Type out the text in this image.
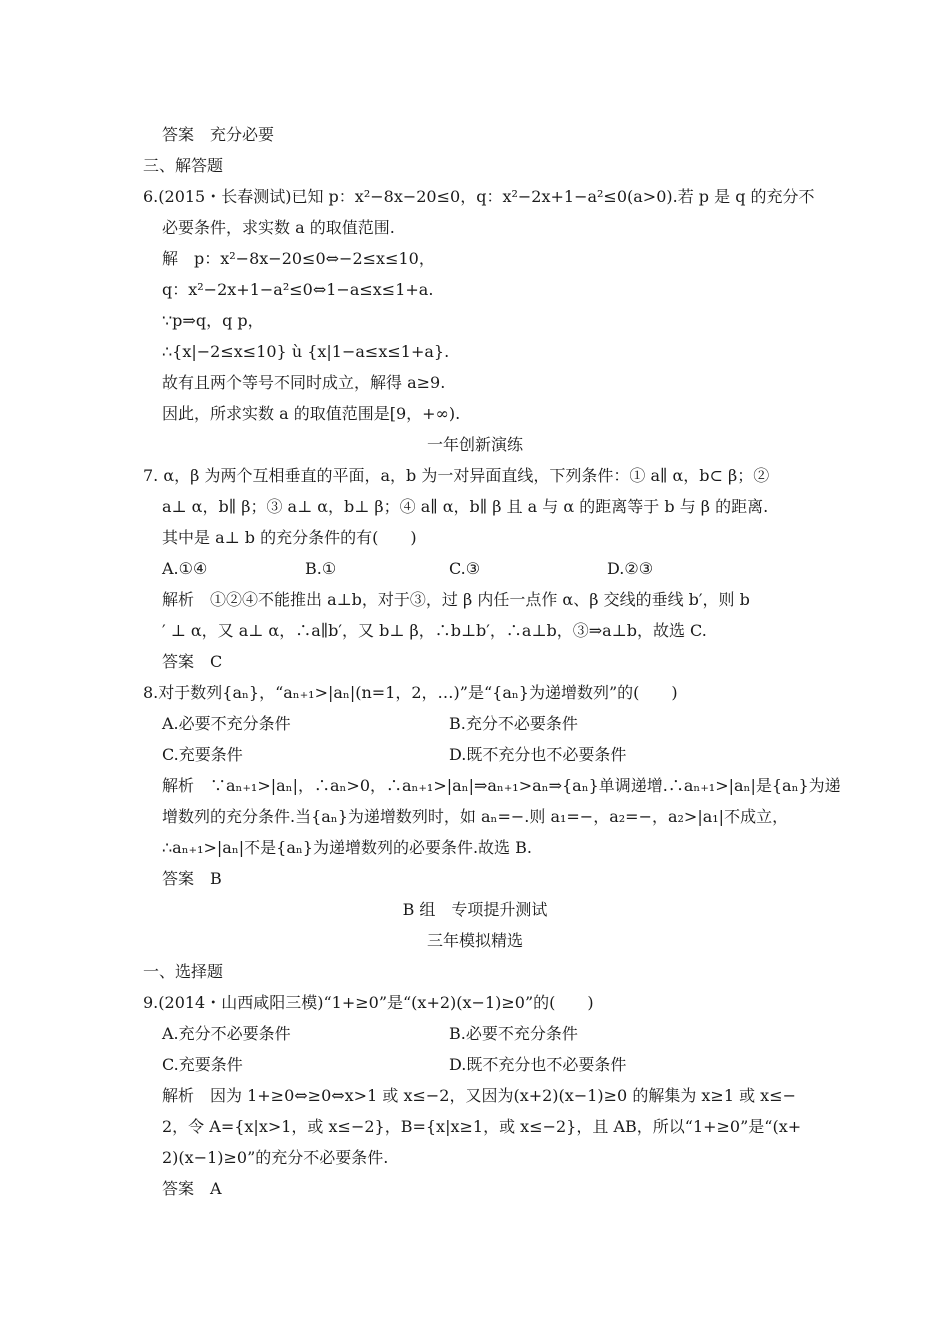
答案　充分必要
三、解答题
6.(2015・长春测试)已知 p：x²−8x−20≤0，q：x²−2x+1−a²≤0(a>0).若 p 是 q 的充分不
必要条件，求实数 a 的取值范围.
解　p：x²−8x−20≤0⇔−2≤x≤10，
q：x²−2x+1−a²≤0⇔1−a≤x≤1+a.
∵p⇒q，q p，
∴{x|−2≤x≤10} ù {x|1−a≤x≤1+a}.
故有且两个等号不同时成立，解得 a≥9.
因此，所求实数 a 的取值范围是[9，+∞).
一年创新演练
7. α，β 为两个互相垂直的平面，a，b 为一对异面直线，下列条件：① a∥ α，b⊂ β；②
a⊥ α，b∥ β；③ a⊥ α，b⊥ β；④ a∥ α，b∥ β 且 a 与 α 的距离等于 b 与 β 的距离.
其中是 a⊥ b 的充分条件的有(　　)
A.①④	B.①	C.③	D.②③
解析　①②④不能推出 a⊥b，对于③，过 β 内任一点作 α、β 交线的垂线 b′，则 b
′ ⊥ α，又 a⊥ α，∴a∥b′，又 b⊥ β，∴b⊥b′，∴a⊥b，③⇒a⊥b，故选 C.
答案　C
8.对于数列{aₙ}，“aₙ₊₁>|aₙ|(n=1，2，…)”是“{aₙ}为递增数列”的(　　)
A.必要不充分条件	B.充分不必要条件
C.充要条件	D.既不充分也不必要条件
解析　∵aₙ₊₁>|aₙ|，∴aₙ>0，∴aₙ₊₁>|aₙ|⇒aₙ₊₁>aₙ⇒{aₙ}单调递增.∴aₙ₊₁>|aₙ|是{aₙ}为递
增数列的充分条件.当{aₙ}为递增数列时，如 aₙ=−.则 a₁=−，a₂=−，a₂>|a₁|不成立，
∴aₙ₊₁>|aₙ|不是{aₙ}为递增数列的必要条件.故选 B.
答案　B
B 组　专项提升测试
三年模拟精选
一、选择题
9.(2014・山西咸阳三模)“1+≥0”是“(x+2)(x−1)≥0”的(　　)
A.充分不必要条件	B.必要不充分条件
C.充要条件	D.既不充分也不必要条件
解析　因为 1+≥0⇔≥0⇔x>1 或 x≤−2，又因为(x+2)(x−1)≥0 的解集为 x≥1 或 x≤−
2，令 A={x|x>1，或 x≤−2}，B={x|x≥1，或 x≤−2}，且 AB，所以“1+≥0”是“(x+
2)(x−1)≥0”的充分不必要条件.
答案　A
